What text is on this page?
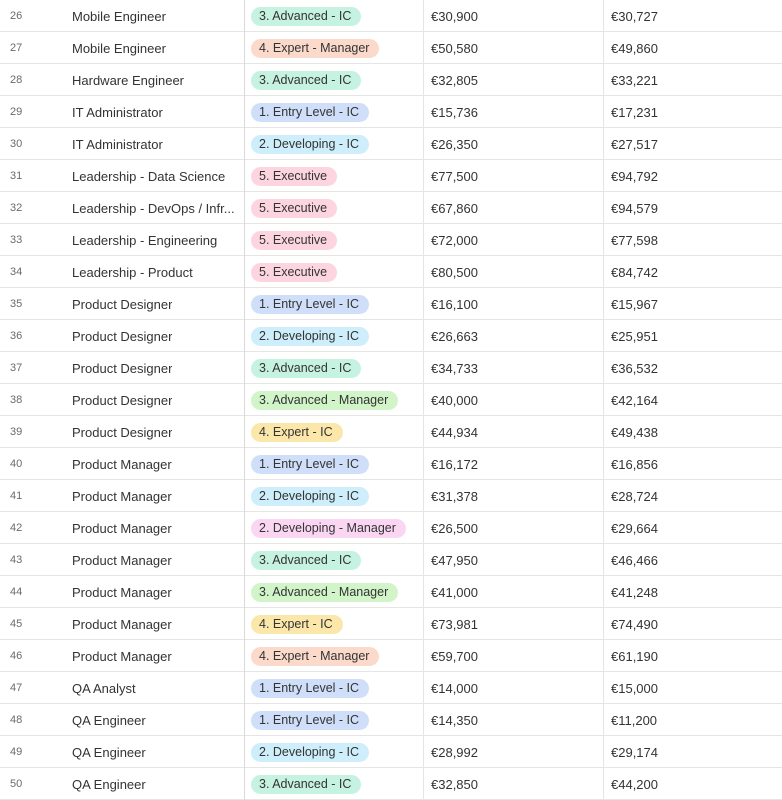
26	Mobile Engineer	3. Advanced - IC	€30,900	€30,727
27	Mobile Engineer	4. Expert - Manager	€50,580	€49,860
28	Hardware Engineer	3. Advanced - IC	€32,805	€33,221
29	IT Administrator	1. Entry Level - IC	€15,736	€17,231
30	IT Administrator	2. Developing - IC	€26,350	€27,517
31	Leadership - Data Science	5. Executive	€77,500	€94,792
32	Leadership - DevOps / Infr...	5. Executive	€67,860	€94,579
33	Leadership - Engineering	5. Executive	€72,000	€77,598
34	Leadership - Product	5. Executive	€80,500	€84,742
35	Product Designer	1. Entry Level - IC	€16,100	€15,967
36	Product Designer	2. Developing - IC	€26,663	€25,951
37	Product Designer	3. Advanced - IC	€34,733	€36,532
38	Product Designer	3. Advanced - Manager	€40,000	€42,164
39	Product Designer	4. Expert - IC	€44,934	€49,438
40	Product Manager	1. Entry Level - IC	€16,172	€16,856
41	Product Manager	2. Developing - IC	€31,378	€28,724
42	Product Manager	2. Developing - Manager	€26,500	€29,664
43	Product Manager	3. Advanced - IC	€47,950	€46,466
44	Product Manager	3. Advanced - Manager	€41,000	€41,248
45	Product Manager	4. Expert - IC	€73,981	€74,490
46	Product Manager	4. Expert - Manager	€59,700	€61,190
47	QA Analyst	1. Entry Level - IC	€14,000	€15,000
48	QA Engineer	1. Entry Level - IC	€14,350	€11,200
49	QA Engineer	2. Developing - IC	€28,992	€29,174
50	QA Engineer	3. Advanced - IC	€32,850	€44,200
